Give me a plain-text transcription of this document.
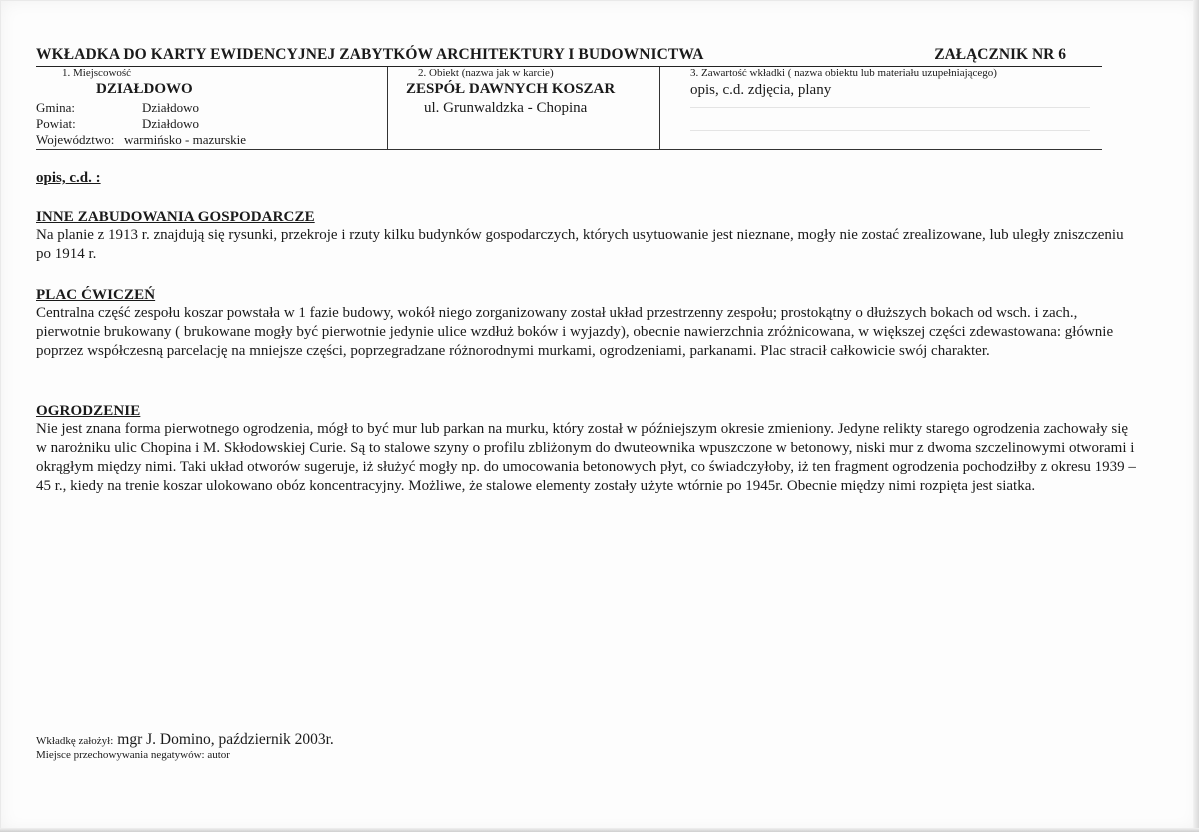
WKŁADKA DO KARTY EWIDENCYJNEJ ZABYTKÓW ARCHITEKTURY I BUDOWNICTWA	ZAŁĄCZNIK NR 6
1. Miejscowość
DZIAŁDOWO
Gmina:	Działdowo
Powiat:	Działdowo
Województwo: warmińsko - mazurskie
2. Obiekt (nazwa jak w karcie)
ZESPÓŁ DAWNYCH KOSZAR
ul. Grunwaldzka - Chopina
3. Zawartość wkładki ( nazwa obiektu lub materiału uzupełniającego)
opis, c.d. zdjęcia, plany
opis, c.d. :
INNE ZABUDOWANIA GOSPODARCZE

Na planie z 1913 r. znajdują się rysunki, przekroje i rzuty kilku budynków gospodarczych, których usytuowanie jest nieznane, mogły nie zostać zrealizowane, lub uległy zniszczeniu po 1914 r.

PLAC ĆWICZEŃ

Centralna część zespołu koszar powstała w 1 fazie budowy, wokół niego zorganizowany został układ przestrzenny zespołu; prostokątny o dłuższych bokach od wsch. i zach., pierwotnie brukowany ( brukowane mogły być pierwotnie jedynie ulice wzdłuż boków i wyjazdy), obecnie nawierzchnia zróżnicowana, w większej części zdewastowana: głównie poprzez współczesną parcelację na mniejsze części, poprzegradzane różnorodnymi murkami, ogrodzeniami, parkanami. Plac stracił całkowicie swój charakter.

OGRODZENIE

Nie jest znana forma pierwotnego ogrodzenia, mógł to być mur lub parkan na murku, który został w późniejszym okresie zmieniony. Jedyne relikty starego ogrodzenia zachowały się w narożniku ulic Chopina i M. Skłodowskiej Curie. Są to stalowe szyny o profilu zbliżonym do dwuteownika wpuszczone w betonowy, niski mur z dwoma szczelinowymi otworami i okrągłym między nimi. Taki układ otworów sugeruje, iż służyć mogły np. do umocowania betonowych płyt, co świadczyłoby, iż ten fragment ogrodzenia pochodziłby z okresu 1939 – 45 r., kiedy na trenie koszar ulokowano obóz koncentracyjny. Możliwe, że stalowe elementy zostały użyte wtórnie po 1945r. Obecnie między nimi rozpięta jest siatka.

Wkładkę założył: mgr J. Domino, październik 2003r.
Miejsce przechowywania negatywów: autor
